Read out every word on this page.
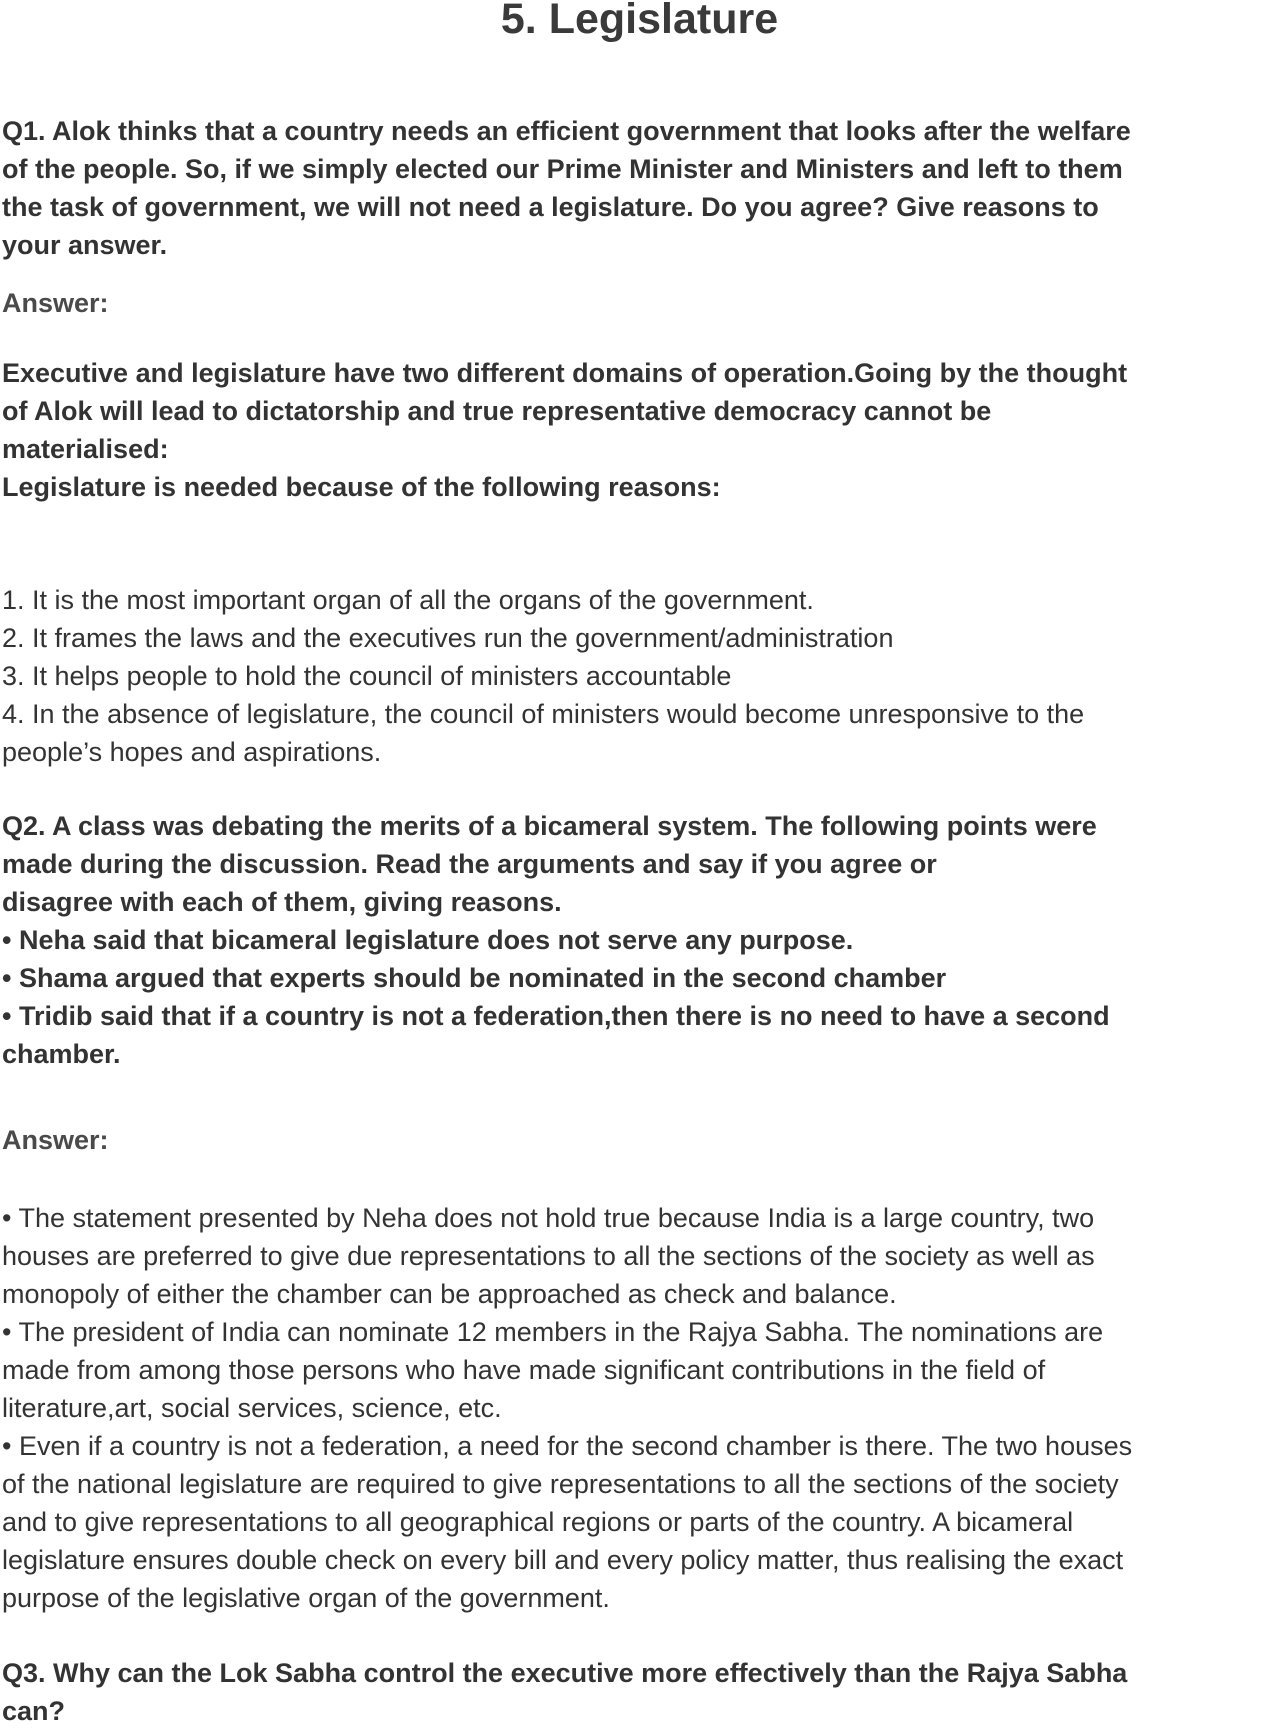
5. Legislature
Q1. Alok thinks that a country needs an efficient government that looks after the welfare
of the people. So, if we simply elected our Prime Minister and Ministers and left to them
the task of government, we will not need a legislature. Do you agree? Give reasons to
your answer.
Answer:
Executive and legislature have two different domains of operation.Going by the thought
of Alok will lead to dictatorship and true representative democracy cannot be
materialised:
Legislature is needed because of the following reasons:
1. It is the most important organ of all the organs of the government.
2. It frames the laws and the executives run the government/administration
3. It helps people to hold the council of ministers accountable
4. In the absence of legislature, the council of ministers would become unresponsive to the
people’s hopes and aspirations.
Q2. A class was debating the merits of a bicameral system. The following points were
made during the discussion. Read the arguments and say if you agree or
disagree with each of them, giving reasons.
• Neha said that bicameral legislature does not serve any purpose.
• Shama argued that experts should be nominated in the second chamber
• Tridib said that if a country is not a federation,then there is no need to have a second
chamber.
Answer:
• The statement presented by Neha does not hold true because India is a large country, two
houses are preferred to give due representations to all the sections of the society as well as
monopoly of either the chamber can be approached as check and balance.
• The president of India can nominate 12 members in the Rajya Sabha. The nominations are
made from among those persons who have made significant contributions in the field of
literature,art, social services, science, etc.
• Even if a country is not a federation, a need for the second chamber is there. The two houses
of the national legislature are required to give representations to all the sections of the society
and to give representations to all geographical regions or parts of the country. A bicameral
legislature ensures double check on every bill and every policy matter, thus realising the exact
purpose of the legislative organ of the government.
Q3. Why can the Lok Sabha control the executive more effectively than the Rajya Sabha
can?
